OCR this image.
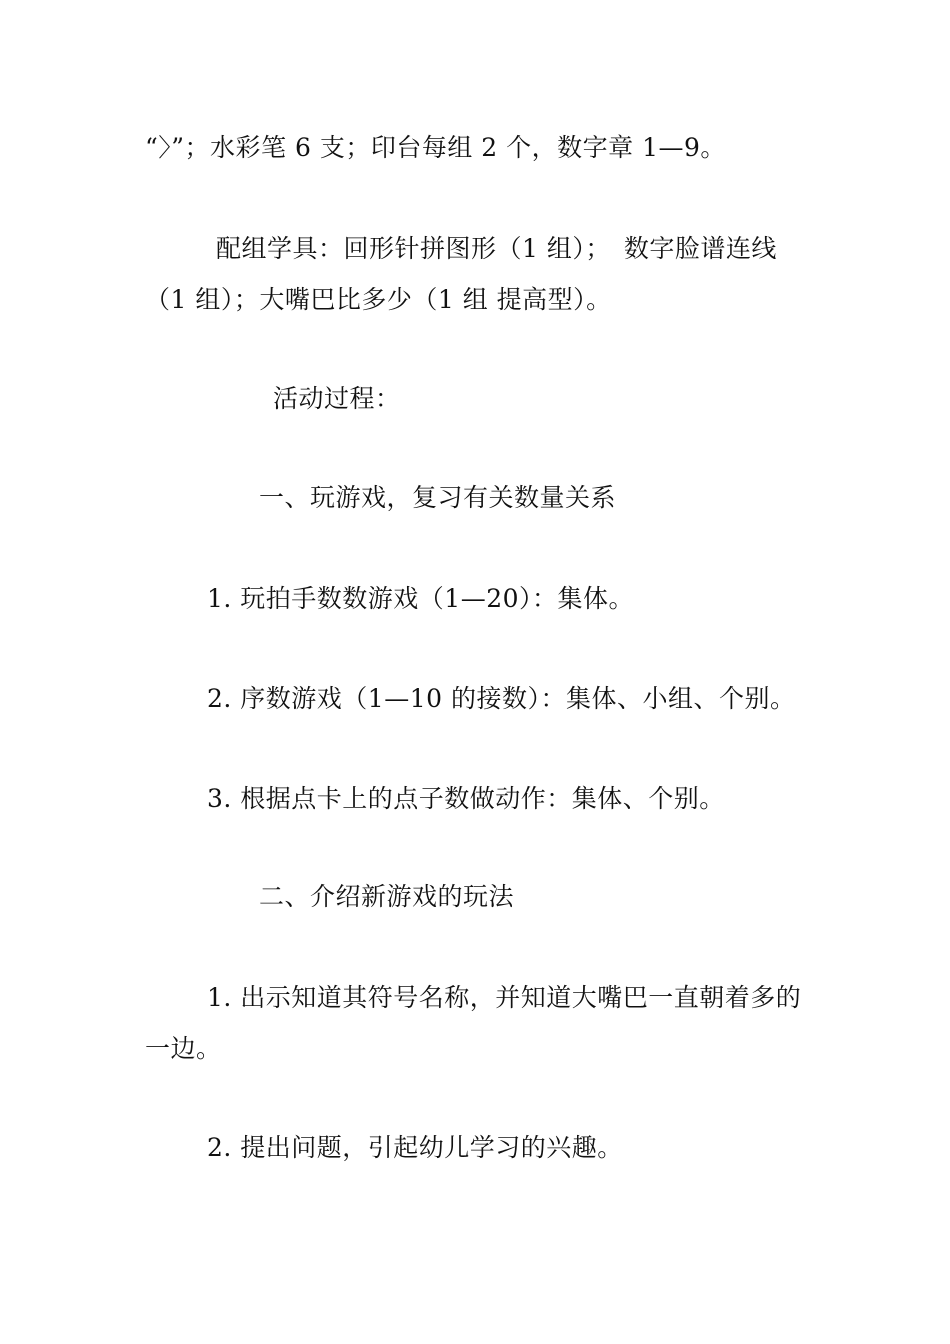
“〉”；水彩笔 6 支；印台每组 2 个，数字章 1—9。
配组学具：回形针拼图形（1 组）；　数字脸谱连线
（1 组）；大嘴巴比多少（1 组 提高型）。
活动过程：
一、玩游戏，复习有关数量关系
1. 玩拍手数数游戏（1—20）：集体。
2. 序数游戏（1—10 的接数）：集体、小组、个别。
3. 根据点卡上的点子数做动作：集体、个别。
二、介绍新游戏的玩法
1. 出示知道其符号名称，并知道大嘴巴一直朝着多的
一边。
2. 提出问题，引起幼儿学习的兴趣。
